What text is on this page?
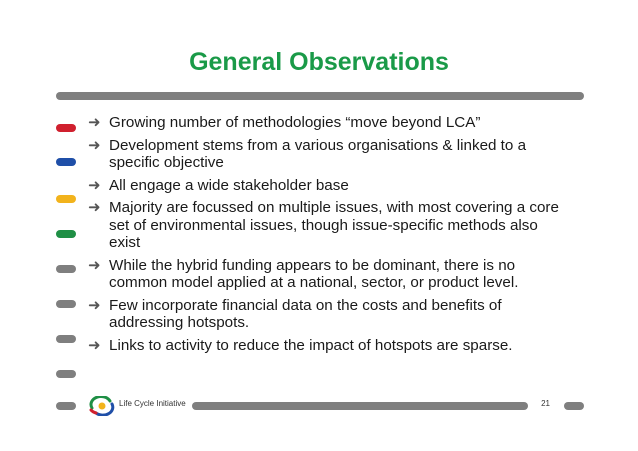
General Observations
➜ Growing number of methodologies “move beyond LCA”
➜ Development stems from a various organisations & linked to a specific objective
➜ All engage a wide stakeholder base
➜ Majority are focussed on multiple issues, with most covering a core set of environmental issues, though issue-specific methods also exist
➜ While the hybrid funding appears to be dominant, there is no common model applied at a national, sector, or product level.
➜ Few incorporate financial data on the costs and benefits of addressing hotspots.
➜ Links to activity to reduce the impact of hotspots are sparse.
Life Cycle Initiative	21
